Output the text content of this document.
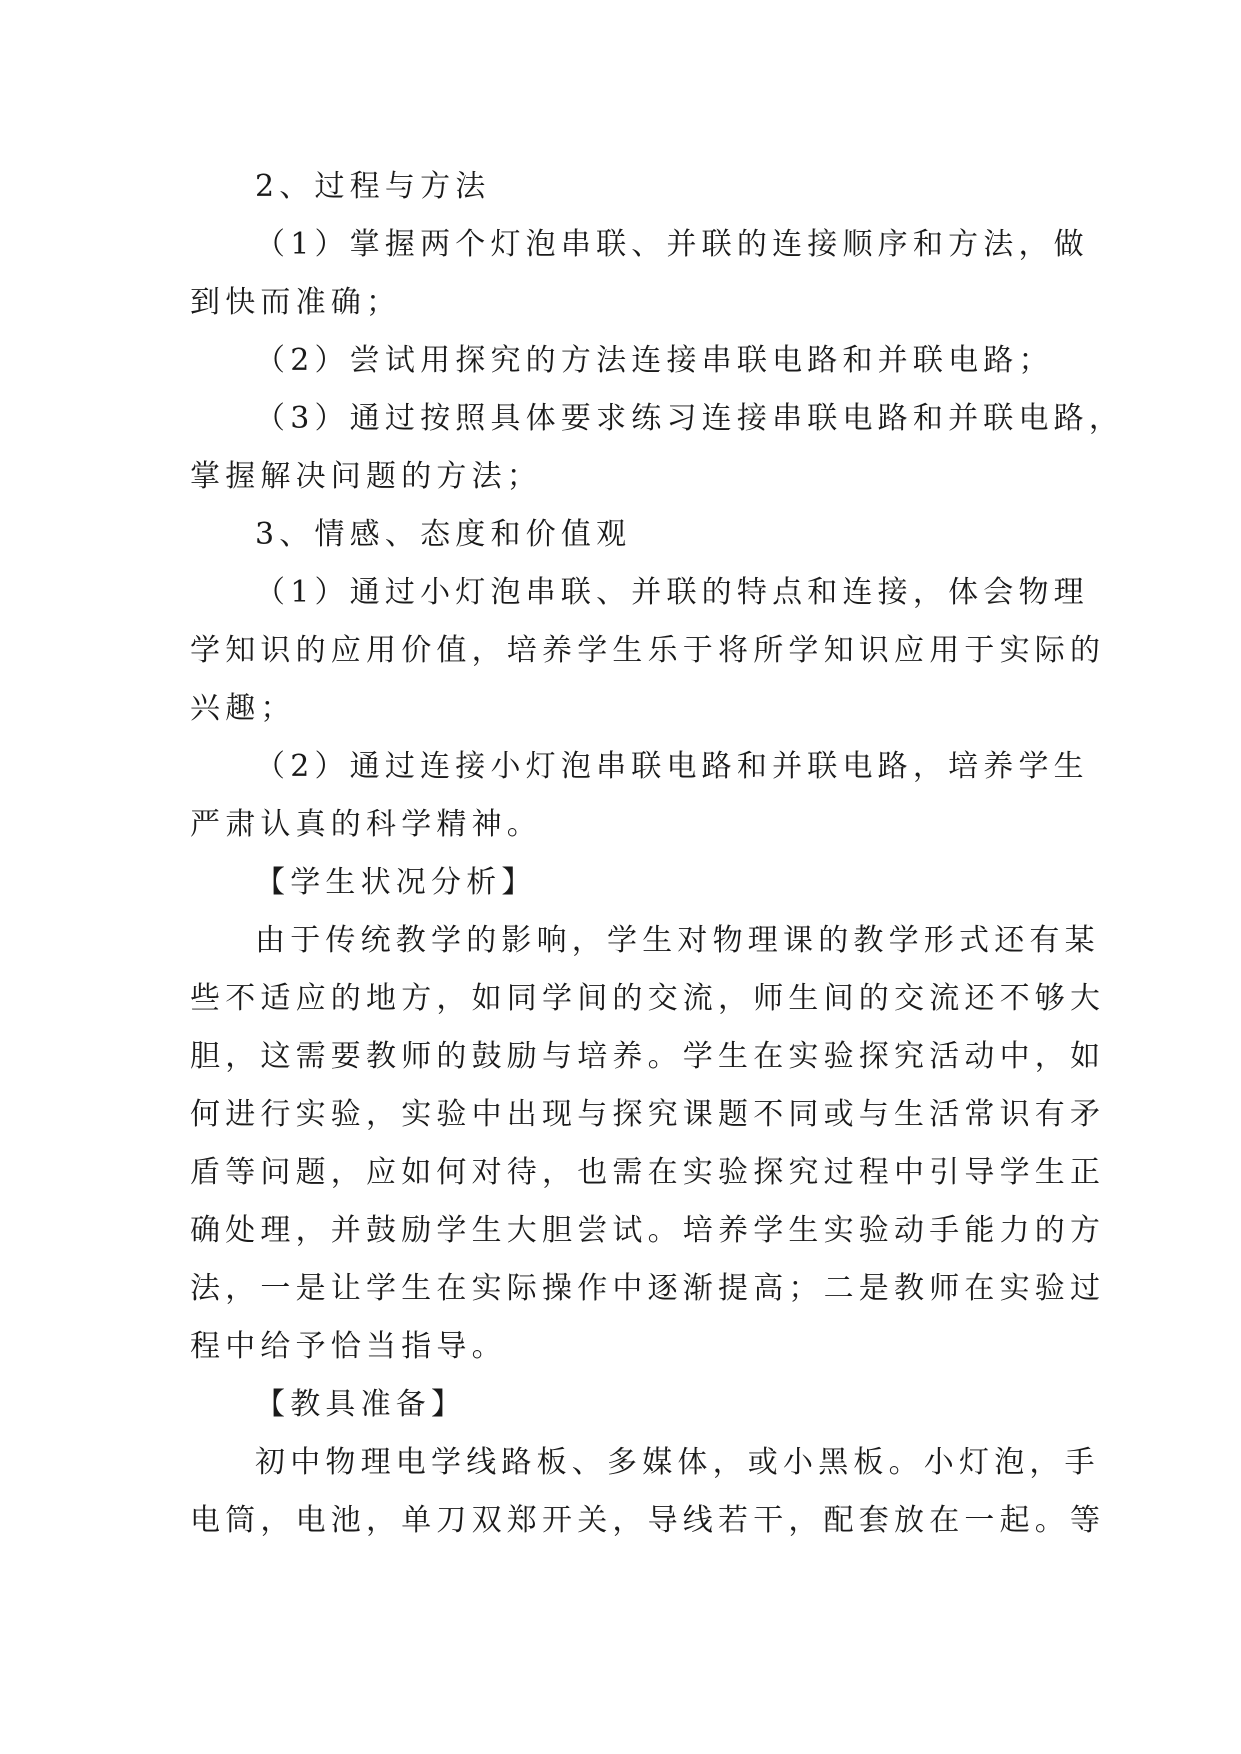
2、过程与方法
（1）掌握两个灯泡串联、并联的连接顺序和方法，做
到快而准确；
（2）尝试用探究的方法连接串联电路和并联电路；
（3）通过按照具体要求练习连接串联电路和并联电路，
掌握解决问题的方法；
3、情感、态度和价值观
（1）通过小灯泡串联、并联的特点和连接，体会物理
学知识的应用价值，培养学生乐于将所学知识应用于实际的
兴趣；
（2）通过连接小灯泡串联电路和并联电路，培养学生
严肃认真的科学精神。
【学生状况分析】
由于传统教学的影响，学生对物理课的教学形式还有某
些不适应的地方，如同学间的交流，师生间的交流还不够大
胆，这需要教师的鼓励与培养。学生在实验探究活动中，如
何进行实验，实验中出现与探究课题不同或与生活常识有矛
盾等问题，应如何对待，也需在实验探究过程中引导学生正
确处理，并鼓励学生大胆尝试。培养学生实验动手能力的方
法，一是让学生在实际操作中逐渐提高；二是教师在实验过
程中给予恰当指导。
【教具准备】
初中物理电学线路板、多媒体，或小黑板。小灯泡，手
电筒，电池，单刀双郑开关，导线若干，配套放在一起。等
